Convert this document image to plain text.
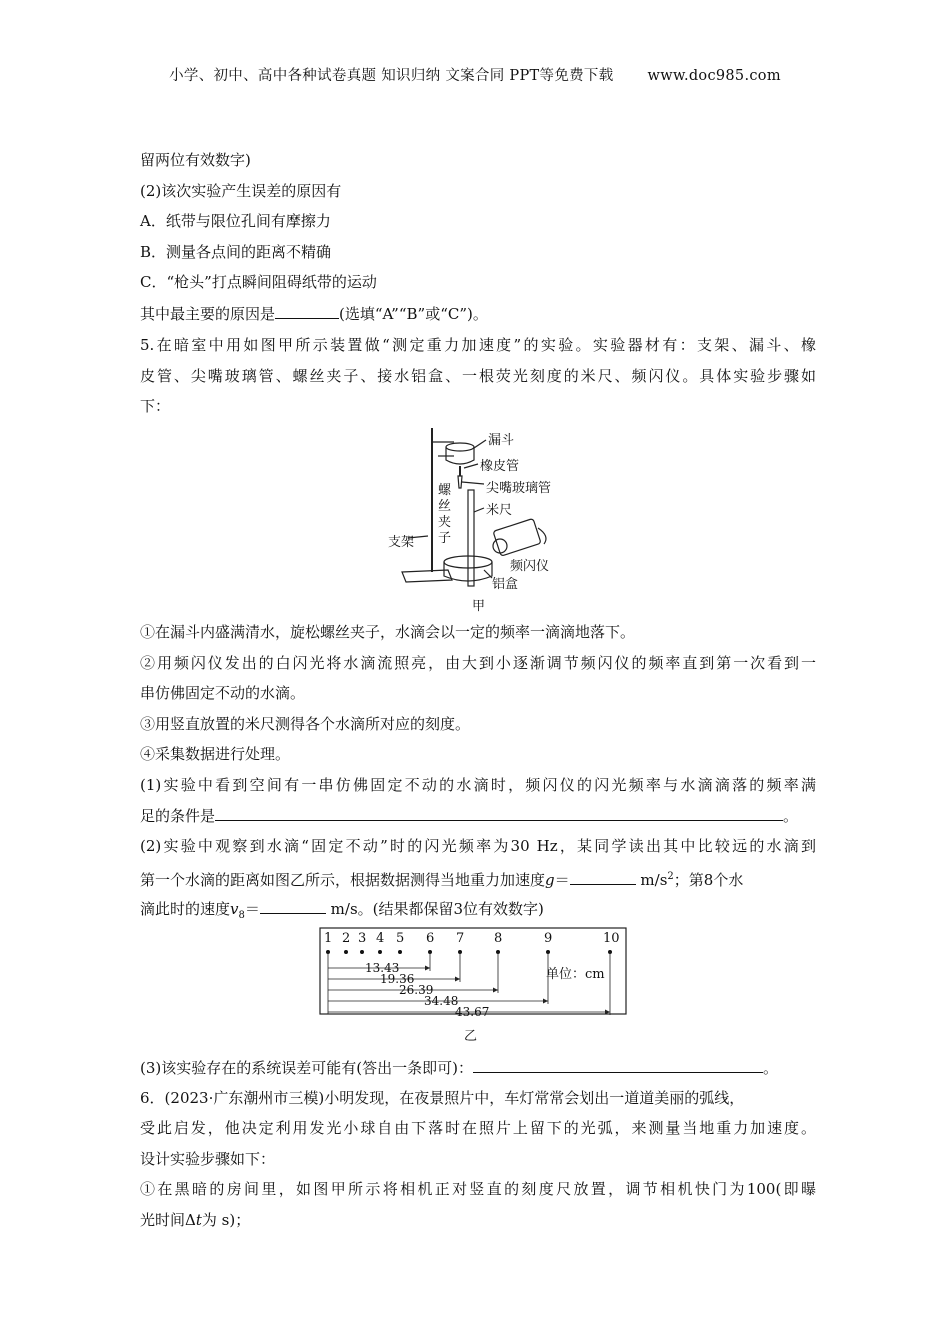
小学、初中、高中各种试卷真题 知识归纳 文案合同 PPT等免费下载 www.doc985.com
留两位有效数字)
(2)该次实验产生误差的原因有
A．纸带与限位孔间有摩擦力
B．测量各点间的距离不精确
C．“枪头”打点瞬间阻碍纸带的运动
其中最主要的原因是	(选填“A”“B”或“C”)。
5.在暗室中用如图甲所示装置做“测定重力加速度”的实验。实验器材有：支架、漏斗、橡
皮管、尖嘴玻璃管、螺丝夹子、接水铝盒、一根荧光刻度的米尺、频闪仪。具体实验步骤如
下：
①在漏斗内盛满清水，旋松螺丝夹子，水滴会以一定的频率一滴滴地落下。
②用频闪仪发出的白闪光将水滴流照亮，由大到小逐渐调节频闪仪的频率直到第一次看到一
串仿佛固定不动的水滴。
③用竖直放置的米尺测得各个水滴所对应的刻度。
④采集数据进行处理。
(1)实验中看到空间有一串仿佛固定不动的水滴时，频闪仪的闪光频率与水滴滴落的频率满
足的条件是	。
(2)实验中观察到水滴“固定不动”时的闪光频率为30 Hz，某同学读出其中比较远的水滴到
第一个水滴的距离如图乙所示，根据数据测得当地重力加速度g＝	$m/s^2$；第8个水
滴此时的速度$v_8=$	m/s。(结果都保留3位有效数字)
(3)该实验存在的系统误差可能有(答出一条即可)：	。
6．(2023·广东潮州市三模)小明发现，在夜景照片中，车灯常常会划出一道道美丽的弧线，
受此启发，他决定利用发光小球自由下落时在照片上留下的光弧，来测量当地重力加速度。
设计实验步骤如下：
①在黑暗的房间里，如图甲所示将相机正对竖直的刻度尺放置，调节相机快门为100(即曝
光时间Δt为 s)；
漏斗
橡皮管
尖嘴玻璃管
螺
丝
夹
子
米尺
支架
频闪仪
铝盒
甲
1 2 3 4 5 6 7 8	9	10
13.43
19.36
26.39
34.48
43.67
单位：cm
乙
